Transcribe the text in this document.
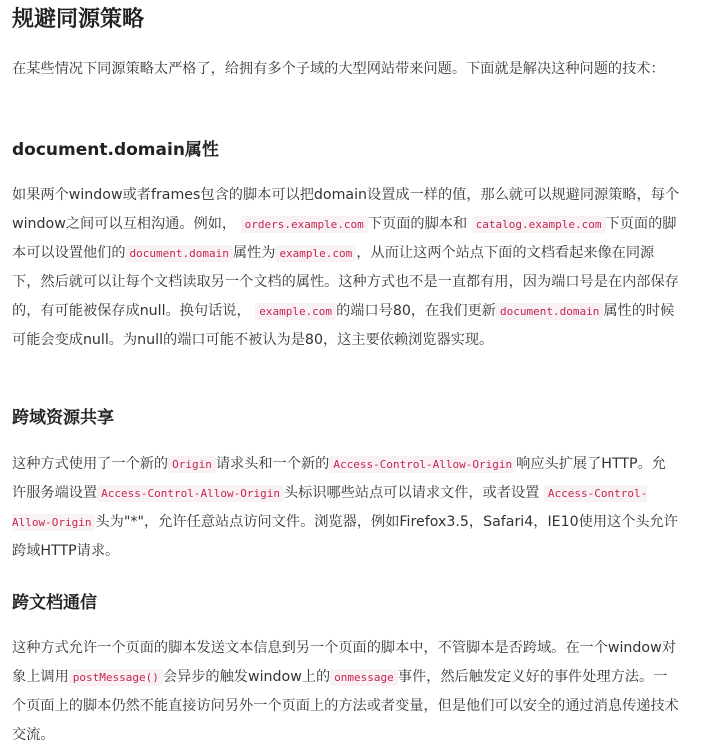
规避同源策略

在某些情况下同源策略太严格了，给拥有多个子域的大型网站带来问题。下面就是解决这种问题的技术：

document.domain属性

如果两个window或者frames包含的脚本可以把domain设置成一样的值，那么就可以规避同源策略，每个window之间可以互相沟通。例如， orders.example.com 下页面的脚本和 catalog.example.com 下页面的脚本可以设置他们的 document.domain 属性为 example.com ，从而让这两个站点下面的文档看起来像在同源下，然后就可以让每个文档读取另一个文档的属性。这种方式也不是一直都有用，因为端口号是在内部保存的，有可能被保存成null。换句话说， example.com 的端口号80，在我们更新 document.domain 属性的时候可能会变成null。为null的端口可能不被认为是80，这主要依赖浏览器实现。

跨域资源共享

这种方式使用了一个新的 Origin 请求头和一个新的 Access-Control-Allow-Origin 响应头扩展了HTTP。允许服务端设置 Access-Control-Allow-Origin 头标识哪些站点可以请求文件，或者设置 Access-Control-Allow-Origin 头为"*"，允许任意站点访问文件。浏览器，例如Firefox3.5，Safari4，IE10使用这个头允许跨域HTTP请求。

跨文档通信

这种方式允许一个页面的脚本发送文本信息到另一个页面的脚本中，不管脚本是否跨域。在一个window对象上调用 postMessage() 会异步的触发window上的 onmessage 事件，然后触发定义好的事件处理方法。一个页面上的脚本仍然不能直接访问另外一个页面上的方法或者变量，但是他们可以安全的通过消息传递技术交流。
